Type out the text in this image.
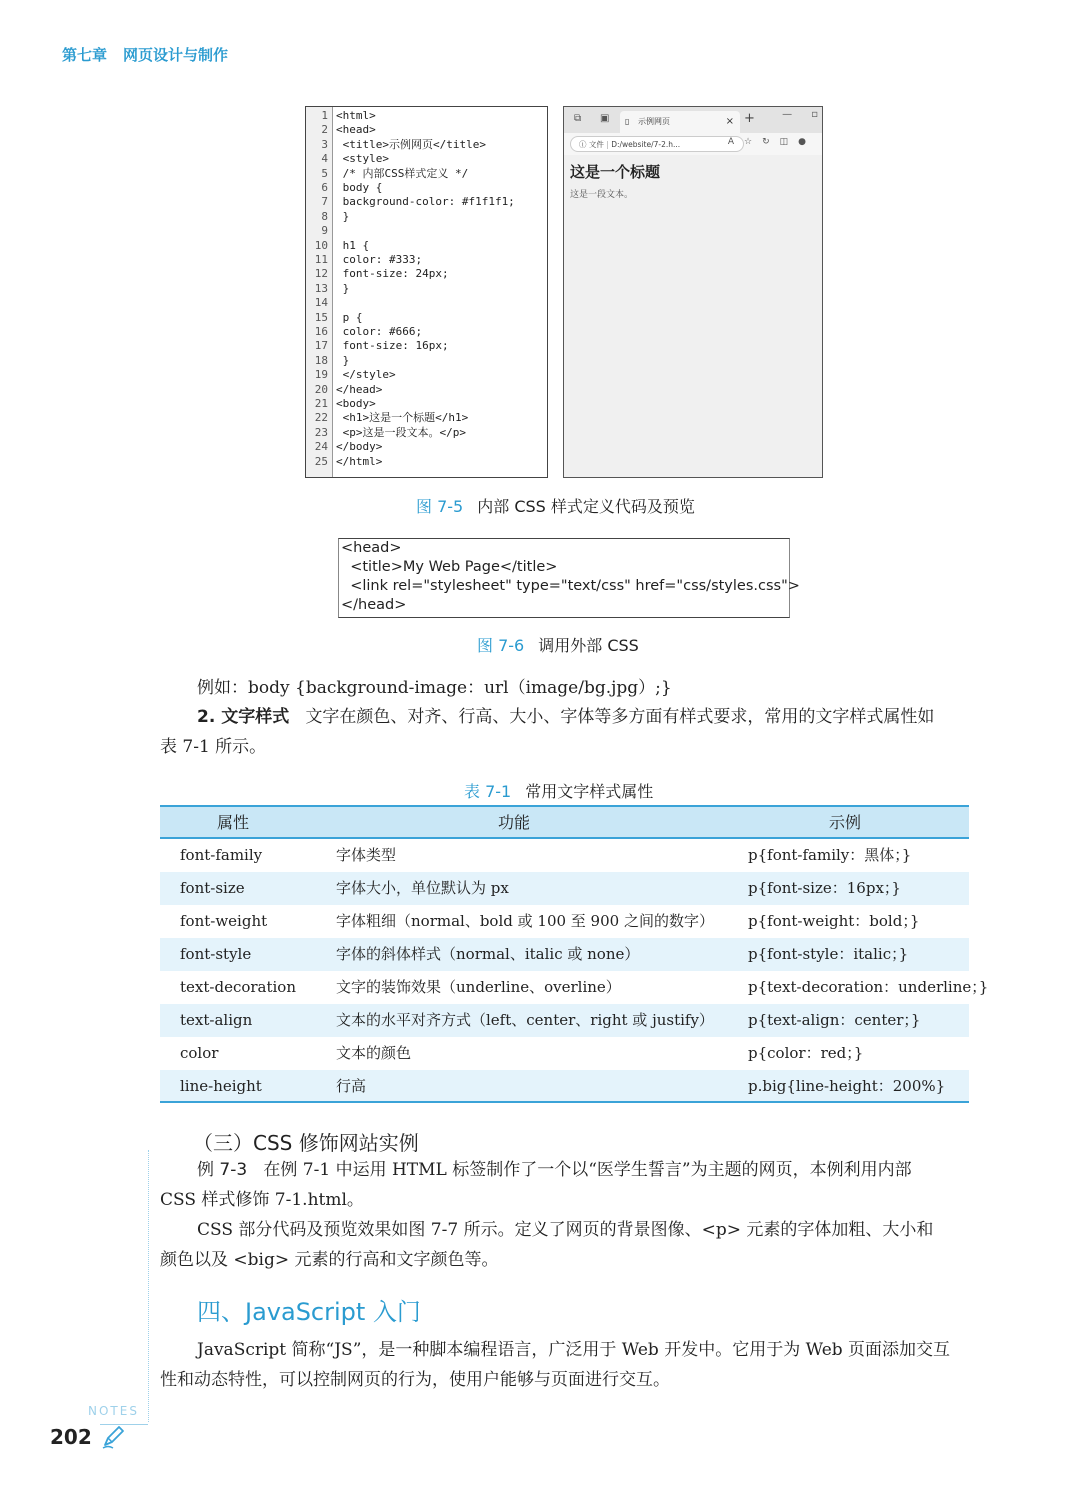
第七章 网页设计与制作
1 <html>
2 <head>
3 <title>示例网页</title>
4 <style>
5 /* 内部CSS样式定义 */
6 body {
7 background-color: #f1f1f1;
8 }
9
10 h1 {
11 color: #333;
12 font-size: 24px;
13 }
14
15 p {
16 color: #666;
17 font-size: 16px;
18 }
19 </style>
20 </head>
21 <body>
22 <h1>这是一个标题</h1>
23 <p>这是一段文本。</p>
24 </body>
25 </html>
⧉ ▣ ▯ 示例网页	× +	—      ▫
ⓘ 文件 | D:/website/7-2.h...	A☆↻◫●
这是一个标题
这是一段文本。
图 7-5 内部 CSS 样式定义代码及预览
<head>
<title>My Web Page</title>
<link rel="stylesheet" type="text/css" href="css/styles.css">
</head>
图 7-6 调用外部 CSS
例如：body {background-image：url（image/bg.jpg）;}
2. 文字样式 文字在颜色、对齐、行高、大小、字体等多方面有样式要求，常用的文字样式属性如
表 7-1 所示。
表 7-1 常用文字样式属性
属性	功能	示例
font-family	字体类型	p{font-family：黑体；}
font-size	字体大小，单位默认为 px	p{font-size：16px；}
font-weight	字体粗细（normal、bold 或 100 至 900 之间的数字） p{font-weight：bold；}
font-style	字体的斜体样式（normal、italic 或 none）	p{font-style：italic；}
text-decoration	文字的装饰效果（underline、overline）	p{text-decoration：underline；}
text-align	文本的水平对齐方式（left、center、right 或 justify） p{text-align：center；}
color	文本的颜色	p{color：red；}
line-height	行高	p.big{line-height：200%}
（三）CSS 修饰网站实例
例 7-3 在例 7-1 中运用 HTML 标签制作了一个以“医学生誓言”为主题的网页，本例利用内部
CSS 样式修饰 7-1.html。
CSS 部分代码及预览效果如图 7-7 所示。定义了网页的背景图像、<p> 元素的字体加粗、大小和
颜色以及 <big> 元素的行高和文字颜色等。
四、JavaScript 入门
JavaScript 简称“JS”，是一种脚本编程语言，广泛用于 Web 开发中。它用于为 Web 页面添加交互
性和动态特性，可以控制网页的行为，使用户能够与页面进行交互。
NOTES
202
